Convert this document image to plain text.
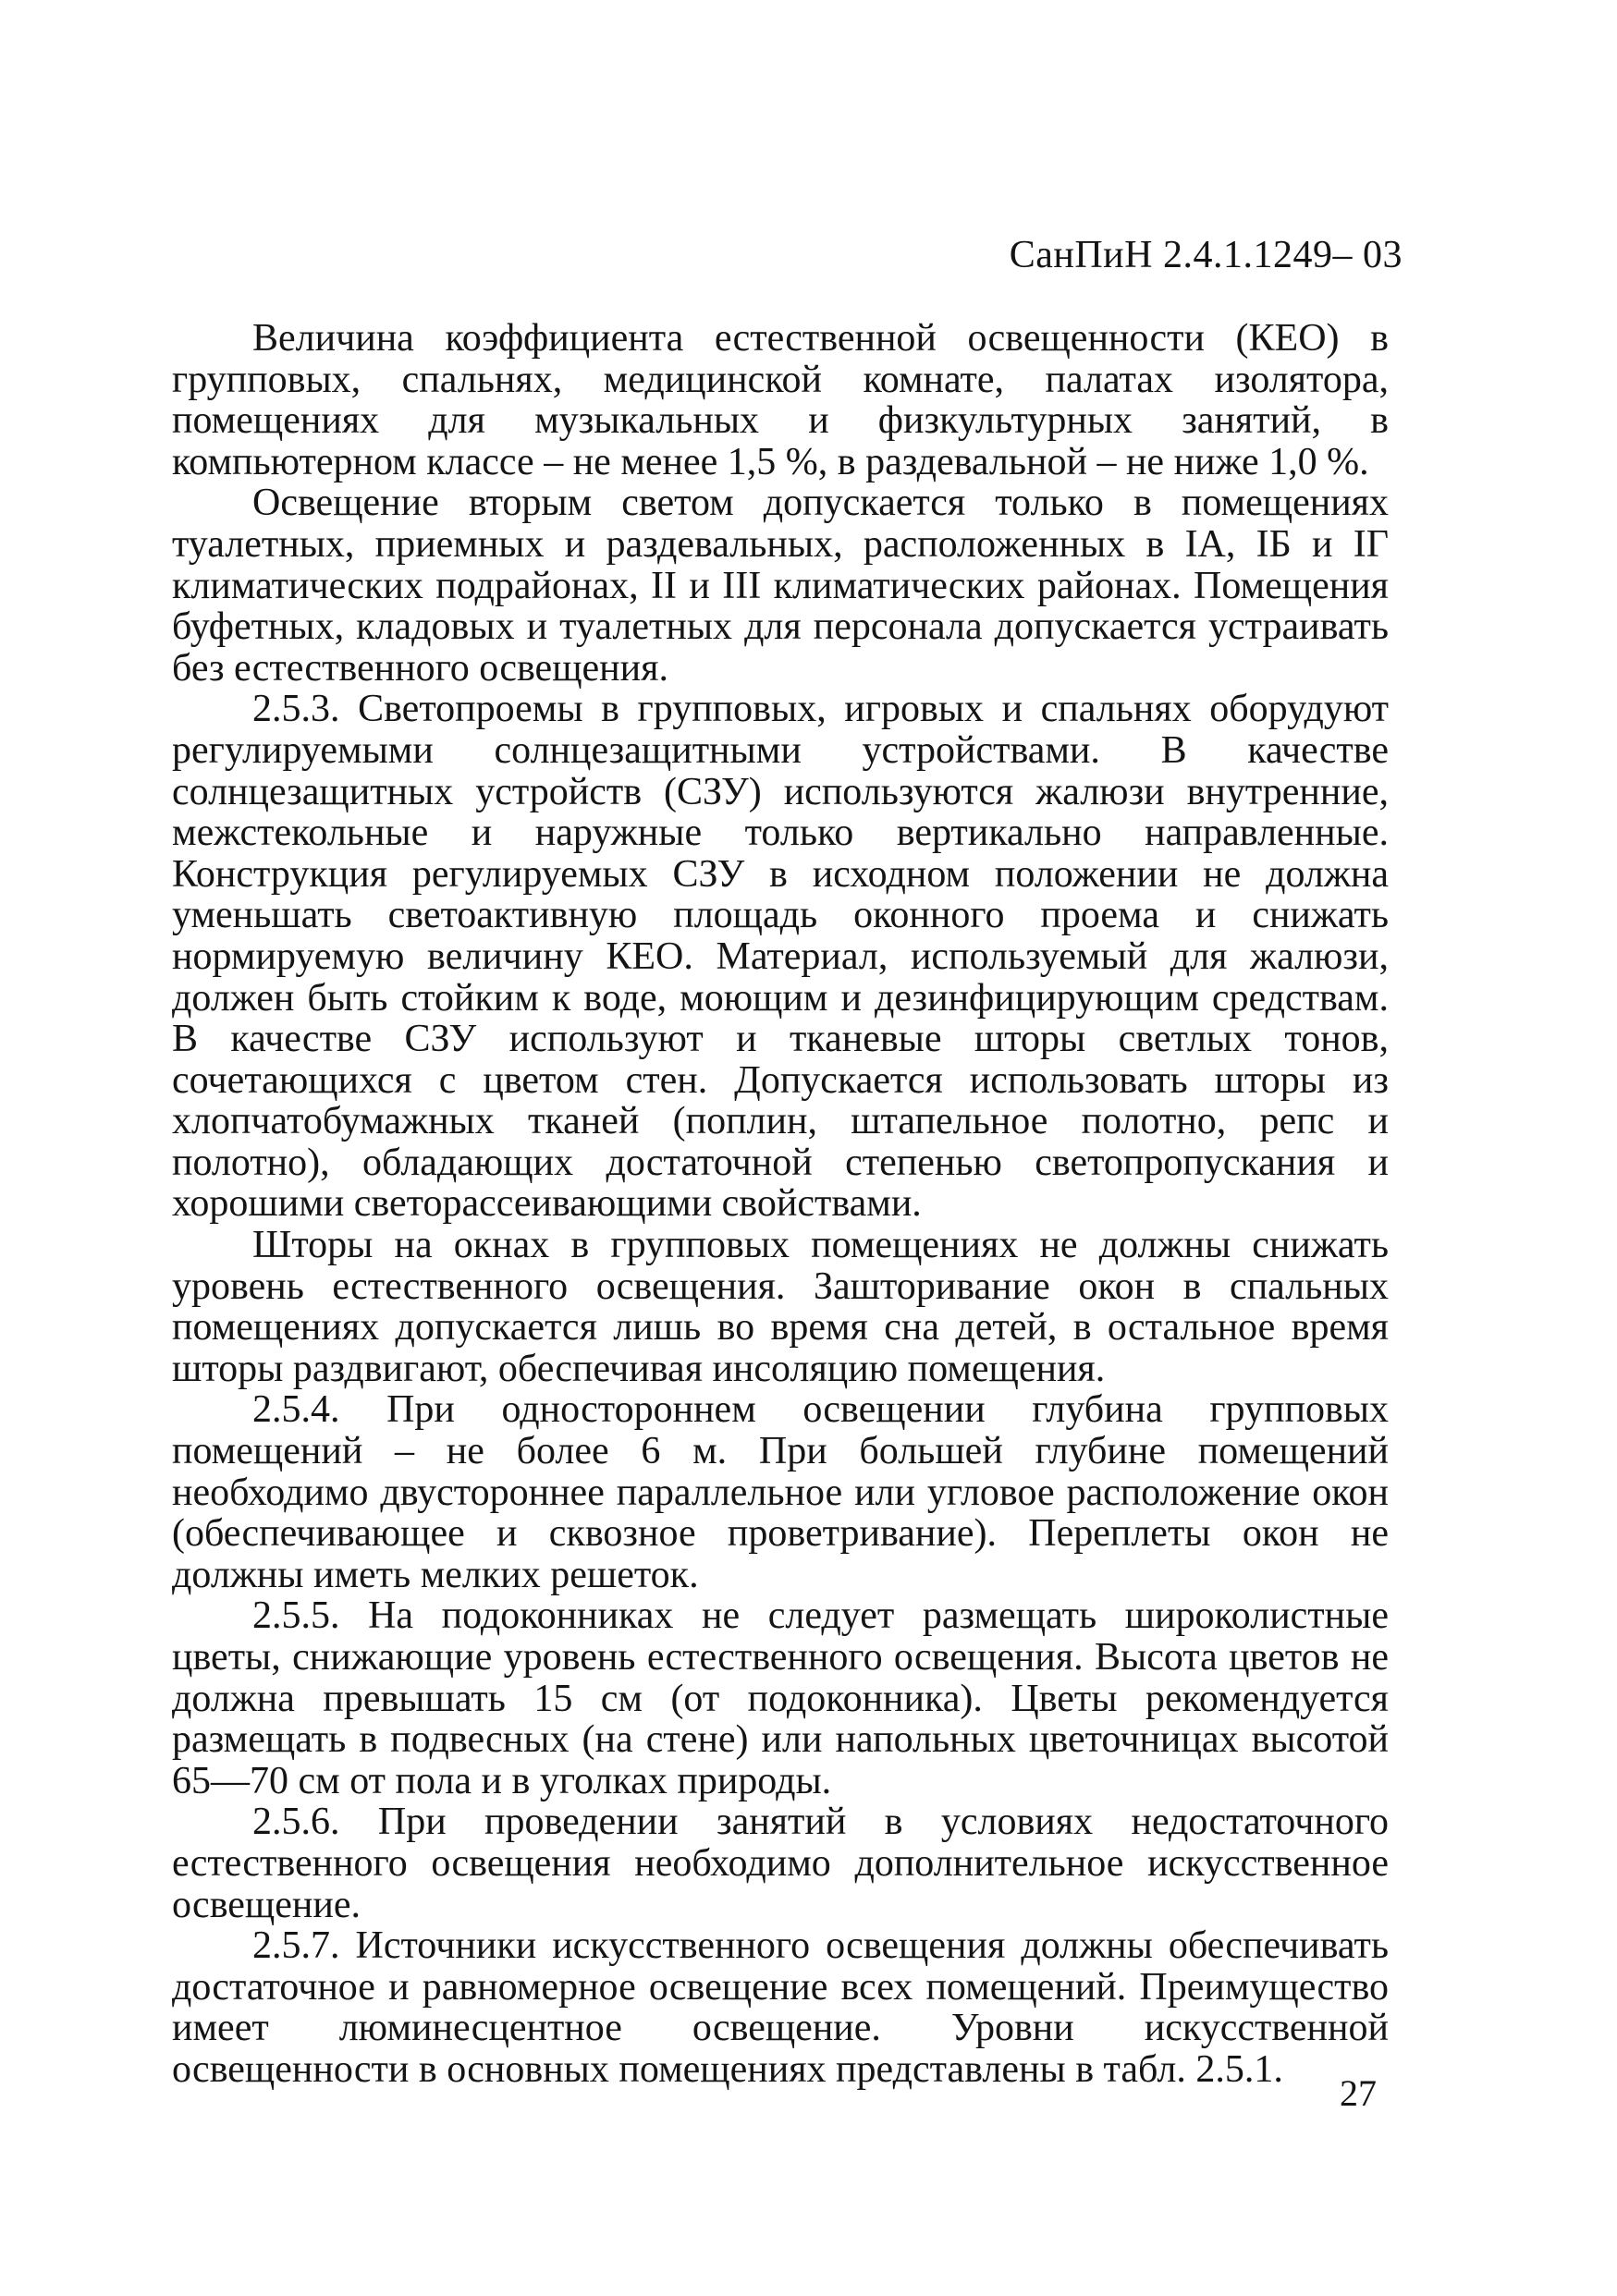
СанПиН 2.4.1.1249– 03

Величина коэффициента естественной освещенности (КЕО) в групповых, спальнях, медицинской комнате, палатах изолятора, помещениях для музыкальных и физкультурных занятий, в компьютерном классе – не менее 1,5 %, в раздевальной – не ниже 1,0 %.

Освещение вторым светом допускается только в помещениях туалетных, приемных и раздевальных, расположенных в IА, IБ и IГ климатических подрайонах, II и III климатических районах. Помещения буфетных, кладовых и туалетных для персонала допускается устраивать без естественного освещения.

2.5.3. Светопроемы в групповых, игровых и спальнях оборудуют регулируемыми солнцезащитными устройствами. В качестве солнцезащитных устройств (СЗУ) используются жалюзи внутренние, межстекольные и наружные только вертикально направленные. Конструкция регулируемых СЗУ в исходном положении не должна уменьшать светоактивную площадь оконного проема и снижать нормируемую величину КЕО. Материал, используемый для жалюзи, должен быть стойким к воде, моющим и дезинфицирующим средствам. В качестве СЗУ используют и тканевые шторы светлых тонов, сочетающихся с цветом стен. Допускается использовать шторы из хлопчатобумажных тканей (поплин, штапельное полотно, репс и полотно), обладающих достаточной степенью светопропускания и хорошими светорассеивающими свойствами.

Шторы на окнах в групповых помещениях не должны снижать уровень естественного освещения. Зашторивание окон в спальных помещениях допускается лишь во время сна детей, в остальное время шторы раздвигают, обеспечивая инсоляцию помещения.

2.5.4. При одностороннем освещении глубина групповых помещений – не более 6 м. При большей глубине помещений необходимо двустороннее параллельное или угловое расположение окон (обеспечивающее и сквозное проветривание). Переплеты окон не должны иметь мелких решеток.

2.5.5. На подоконниках не следует размещать широколистные цветы, снижающие уровень естественного освещения. Высота цветов не должна превышать 15 см (от подоконника). Цветы рекомендуется размещать в подвесных (на стене) или напольных цветочницах высотой 65—70 см от пола и в уголках природы.

2.5.6. При проведении занятий в условиях недостаточного естественного освещения необходимо дополнительное искусственное освещение.

2.5.7. Источники искусственного освещения должны обеспечивать достаточное и равномерное освещение всех помещений. Преимущество имеет люминесцентное освещение. Уровни искусственной освещенности в основных помещениях представлены в табл. 2.5.1.

27
